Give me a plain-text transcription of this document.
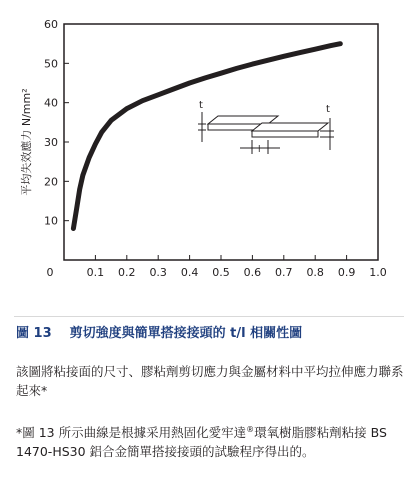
10
20
30
40
50
60
0	0.1 0.2 0.3 0.4 0.5 0.6 0.7 0.8 0.9 1.0
平均失效應力 N/mm²	t	t
l
圖 13 剪切強度與簡單搭接接頭的 t/l 相關性圖
該圖將粘接面的尺寸、膠粘劑剪切應力與金屬材料中平均拉伸應力聯系起來*
*圖 13 所示曲線是根據采用熱固化愛牢達®環氧樹脂膠粘劑粘接 BS 1470-HS30 鋁合金簡單搭接接頭的試驗程序得出的。
